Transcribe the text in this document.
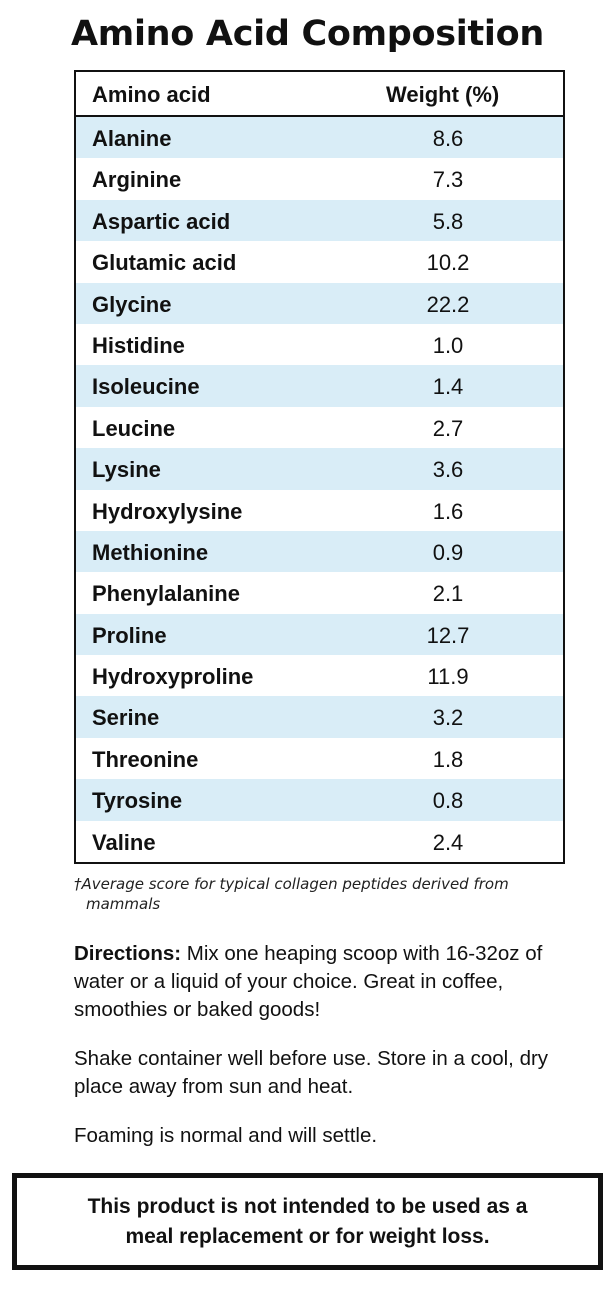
Amino Acid Composition
Amino acid	Weight (%)
Alanine	8.6
Arginine	7.3
Aspartic acid	5.8
Glutamic acid	10.2
Glycine	22.2
Histidine	1.0
Isoleucine	1.4
Leucine	2.7
Lysine	3.6
Hydroxylysine	1.6
Methionine	0.9
Phenylalanine	2.1
Proline	12.7
Hydroxyproline	11.9
Serine	3.2
Threonine	1.8
Tyrosine	0.8
Valine	2.4
†Average score for typical collagen peptides derived from
mammals
Directions: Mix one heaping scoop with 16-32oz of water or a liquid of your choice. Great in coffee, smoothies or baked goods!
Shake container well before use. Store in a cool, dry place away from sun and heat.
Foaming is normal and will settle.
This product is not intended to be used as a
meal replacement or for weight loss.
